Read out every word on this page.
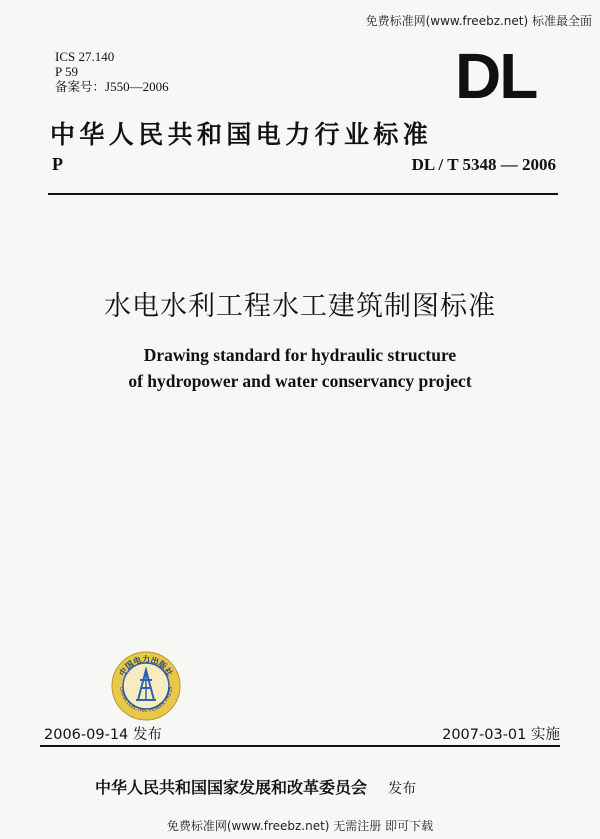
免费标准网(www.freebz.net) 标准最全面
ICS 27.140
P 59
备案号：J550—2006	DL
中华人民共和国电力行业标准
P	DL / T 5348 — 2006
水电水利工程水工建筑制图标准
Drawing standard for hydraulic structure
of hydropower and water conservancy project
中国电力出版社
CHINA ELECTRIC POWER PRESS
2006-09-14 发布	2007-03-01 实施
中华人民共和国国家发展和改革委员会 发布
免费标准网(www.freebz.net) 无需注册 即可下载
